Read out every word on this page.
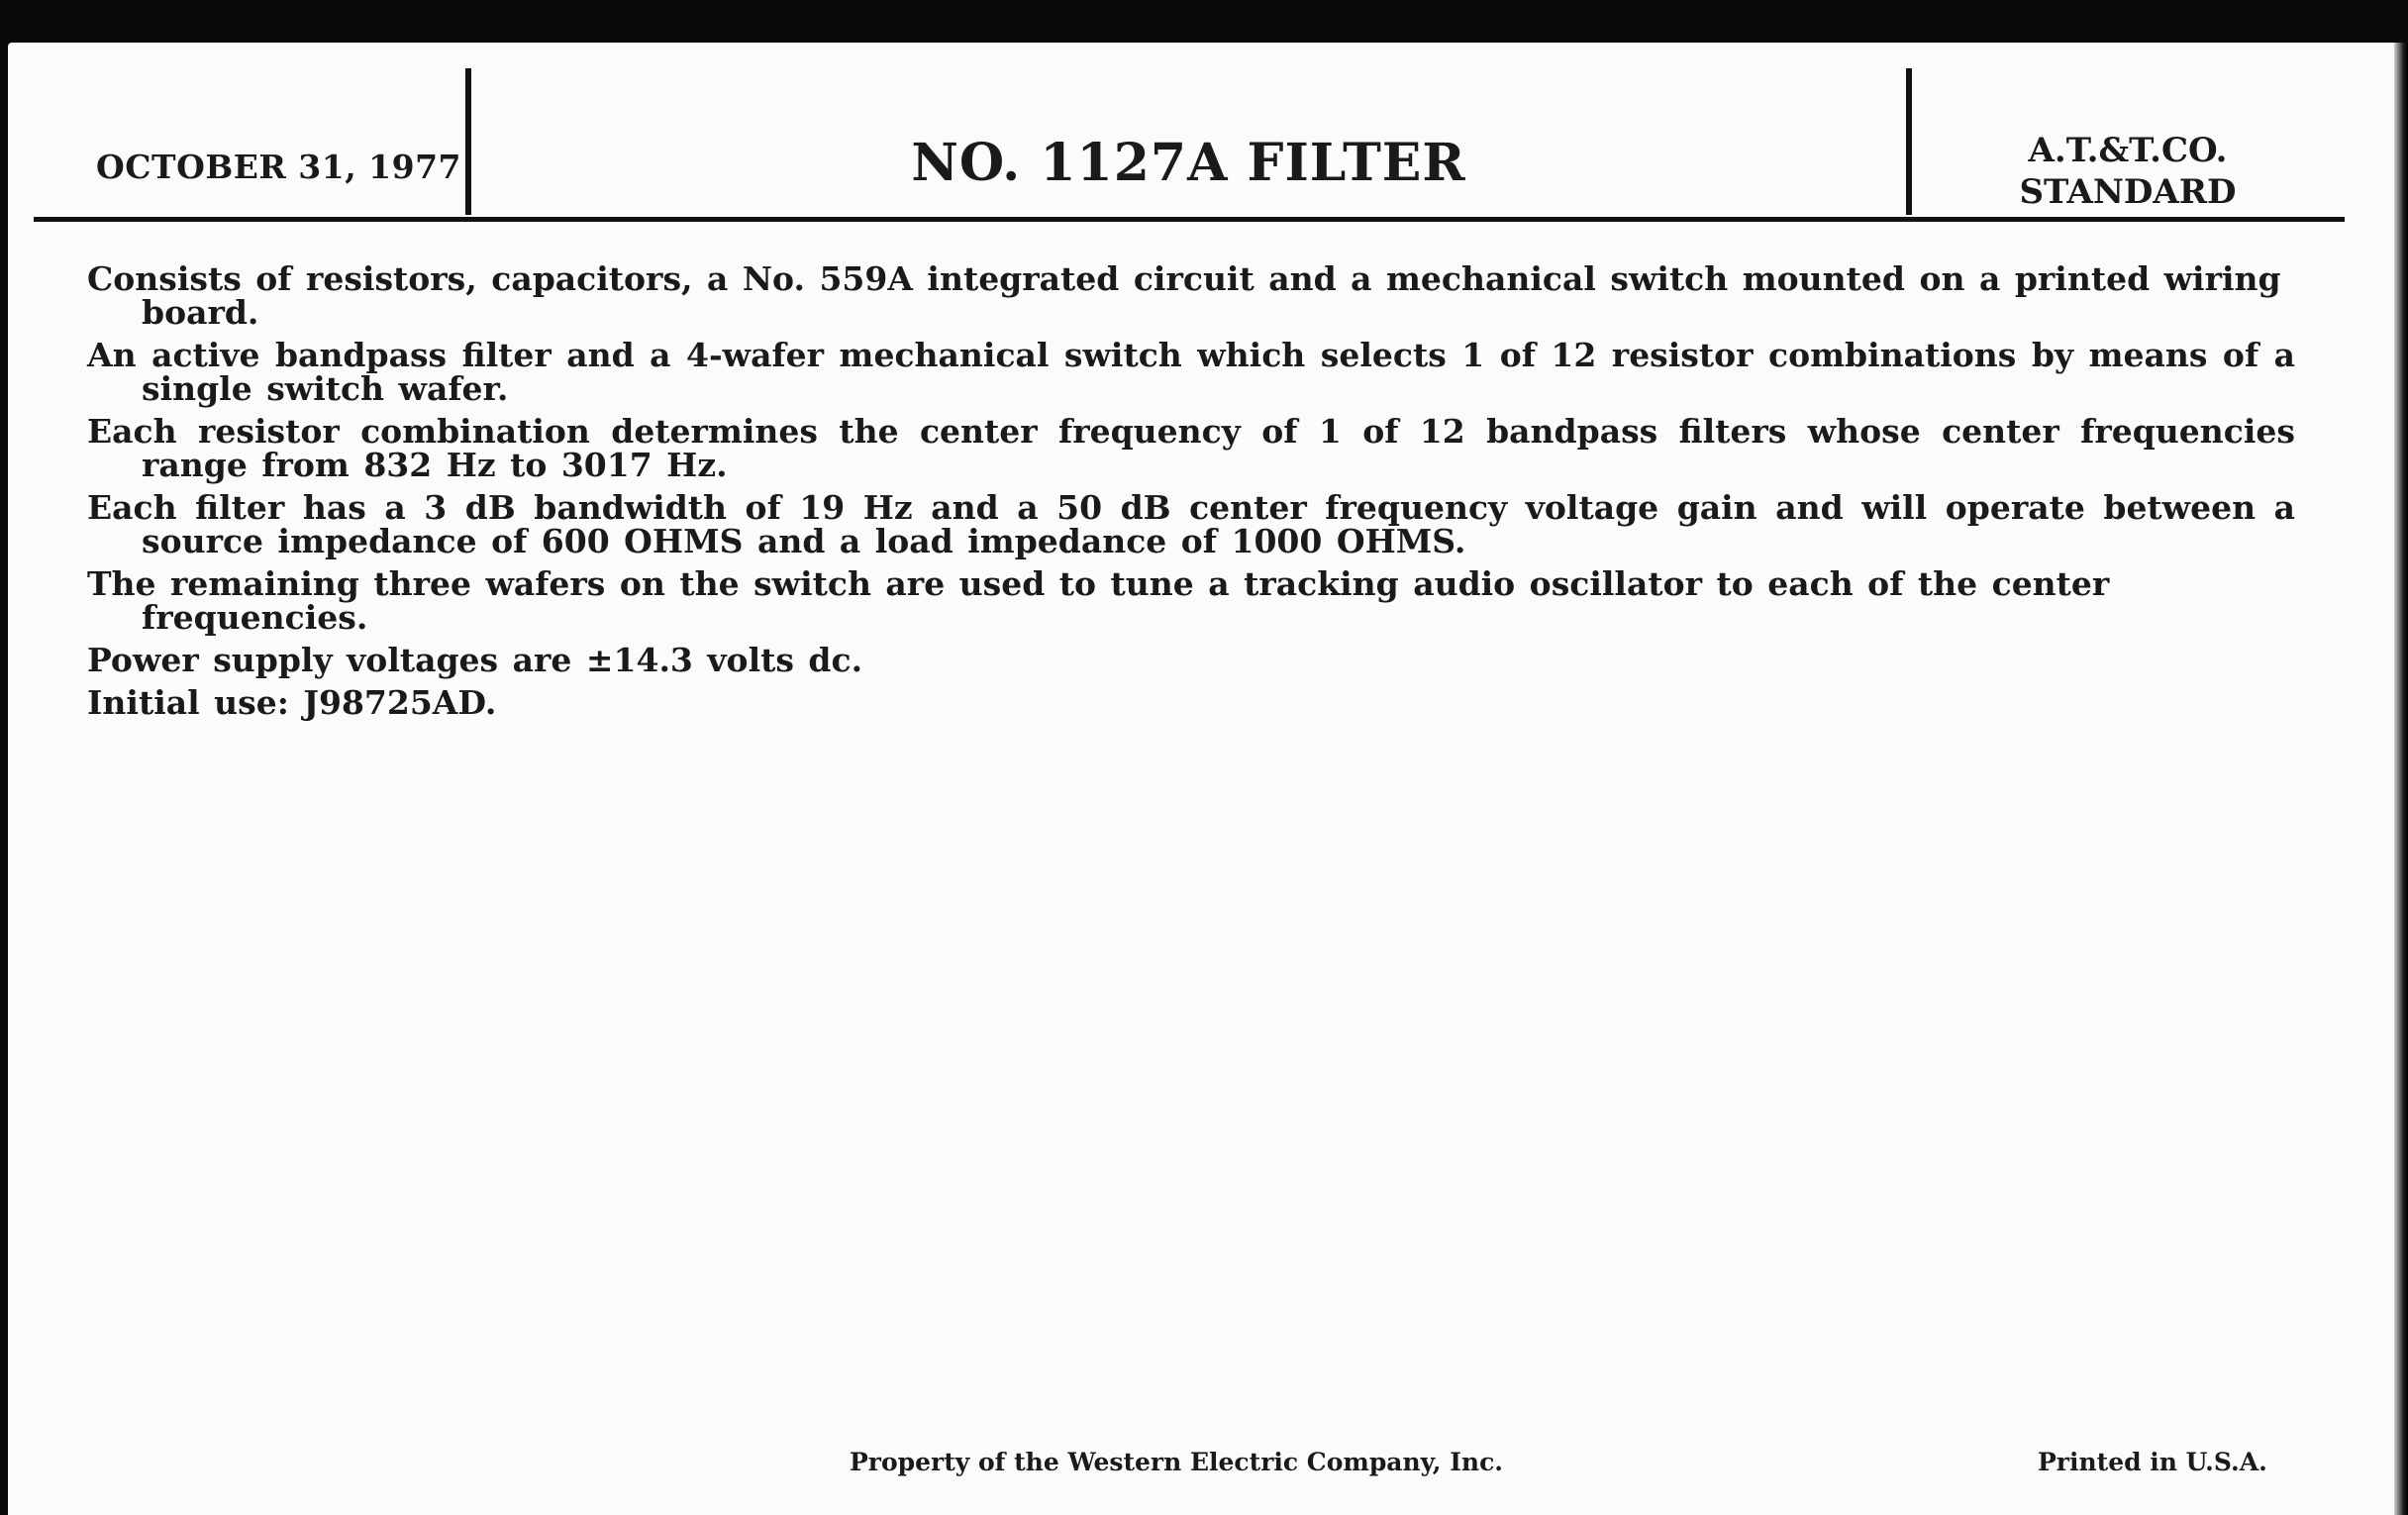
OCTOBER 31, 1977	NO. 1127A FILTER	A.T.&T.CO.
STANDARD

Consists of resistors, capacitors, a No. 559A integrated circuit and a mechanical switch mounted on a printed wiring board.

An active bandpass filter and a 4-wafer mechanical switch which selects 1 of 12 resistor combinations by means of a single switch wafer.

Each resistor combination determines the center frequency of 1 of 12 bandpass filters whose center frequencies range from 832 Hz to 3017 Hz.

Each filter has a 3 dB bandwidth of 19 Hz and a 50 dB center frequency voltage gain and will operate between a source impedance of 600 OHMS and a load impedance of 1000 OHMS.

The remaining three wafers on the switch are used to tune a tracking audio oscillator to each of the center frequencies.

Power supply voltages are ±14.3 volts dc.

Initial use: J98725AD.

Property of the Western Electric Company, Inc.	Printed in U.S.A.
